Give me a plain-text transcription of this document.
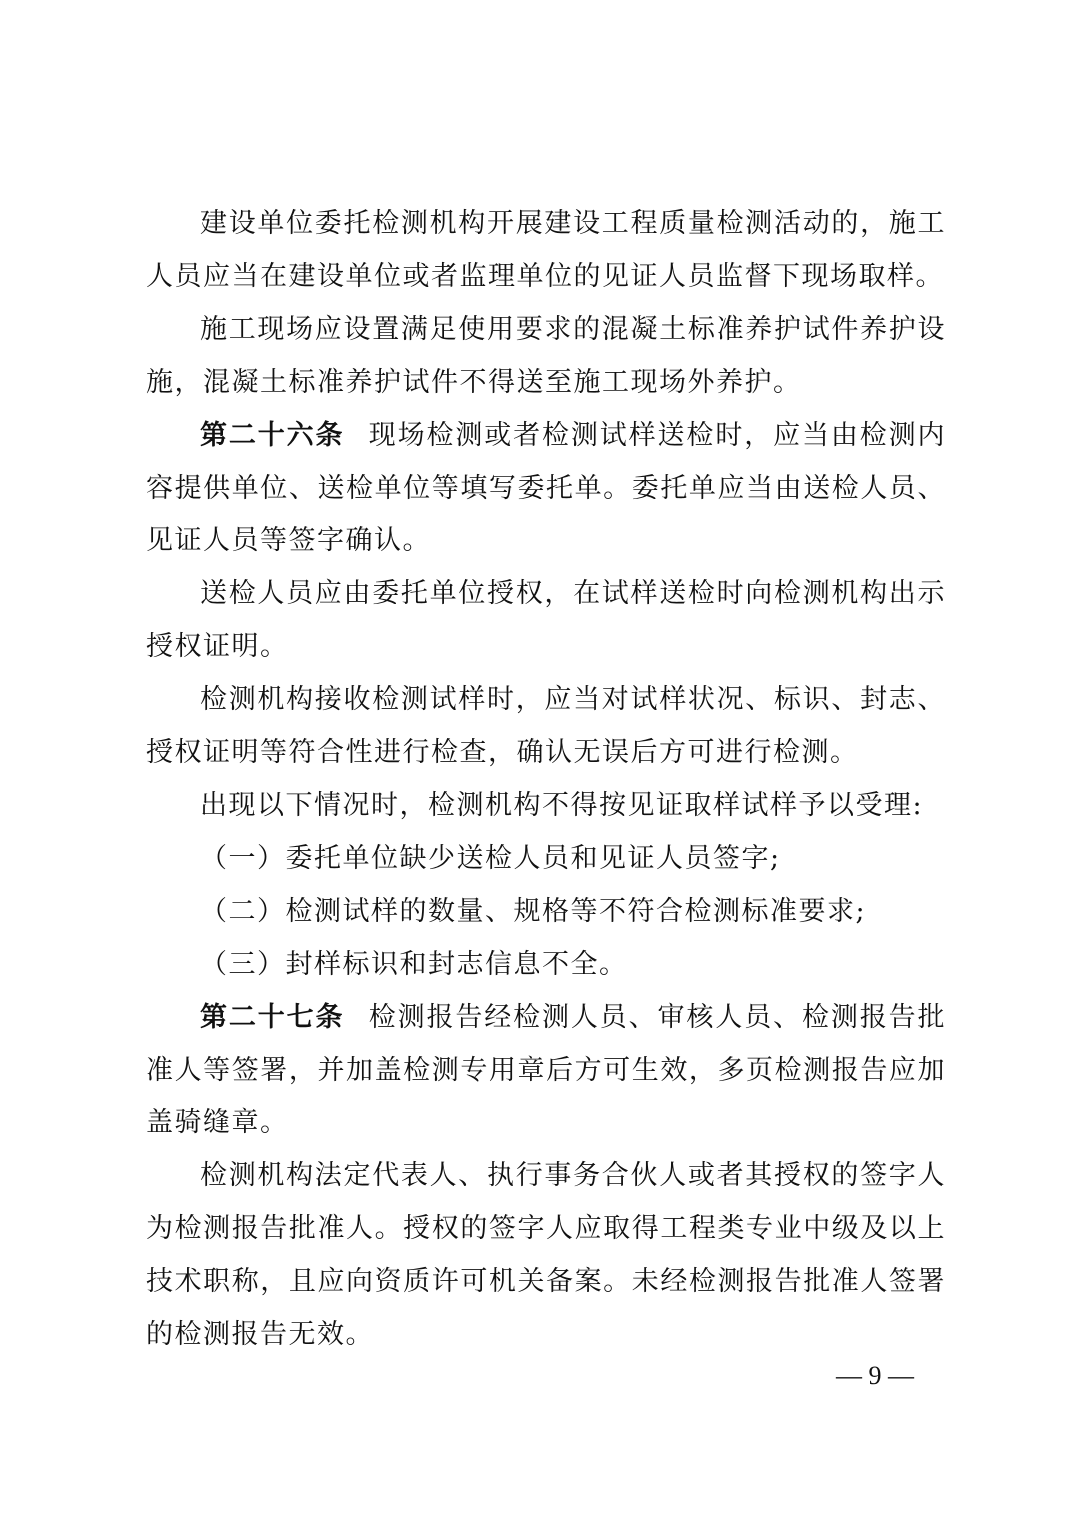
建设单位委托检测机构开展建设工程质量检测活动的，施工人员应当在建设单位或者监理单位的见证人员监督下现场取样。

施工现场应设置满足使用要求的混凝土标准养护试件养护设施，混凝土标准养护试件不得送至施工现场外养护。

第二十六条 现场检测或者检测试样送检时，应当由检测内容提供单位、送检单位等填写委托单。委托单应当由送检人员、见证人员等签字确认。

送检人员应由委托单位授权，在试样送检时向检测机构出示授权证明。

检测机构接收检测试样时，应当对试样状况、标识、封志、授权证明等符合性进行检查，确认无误后方可进行检测。

出现以下情况时，检测机构不得按见证取样试样予以受理:

（一）委托单位缺少送检人员和见证人员签字;

（二）检测试样的数量、规格等不符合检测标准要求;

（三）封样标识和封志信息不全。

第二十七条 检测报告经检测人员、审核人员、检测报告批准人等签署，并加盖检测专用章后方可生效，多页检测报告应加盖骑缝章。

检测机构法定代表人、执行事务合伙人或者其授权的签字人为检测报告批准人。授权的签字人应取得工程类专业中级及以上技术职称，且应向资质许可机关备案。未经检测报告批准人签署的检测报告无效。

— 9 —
